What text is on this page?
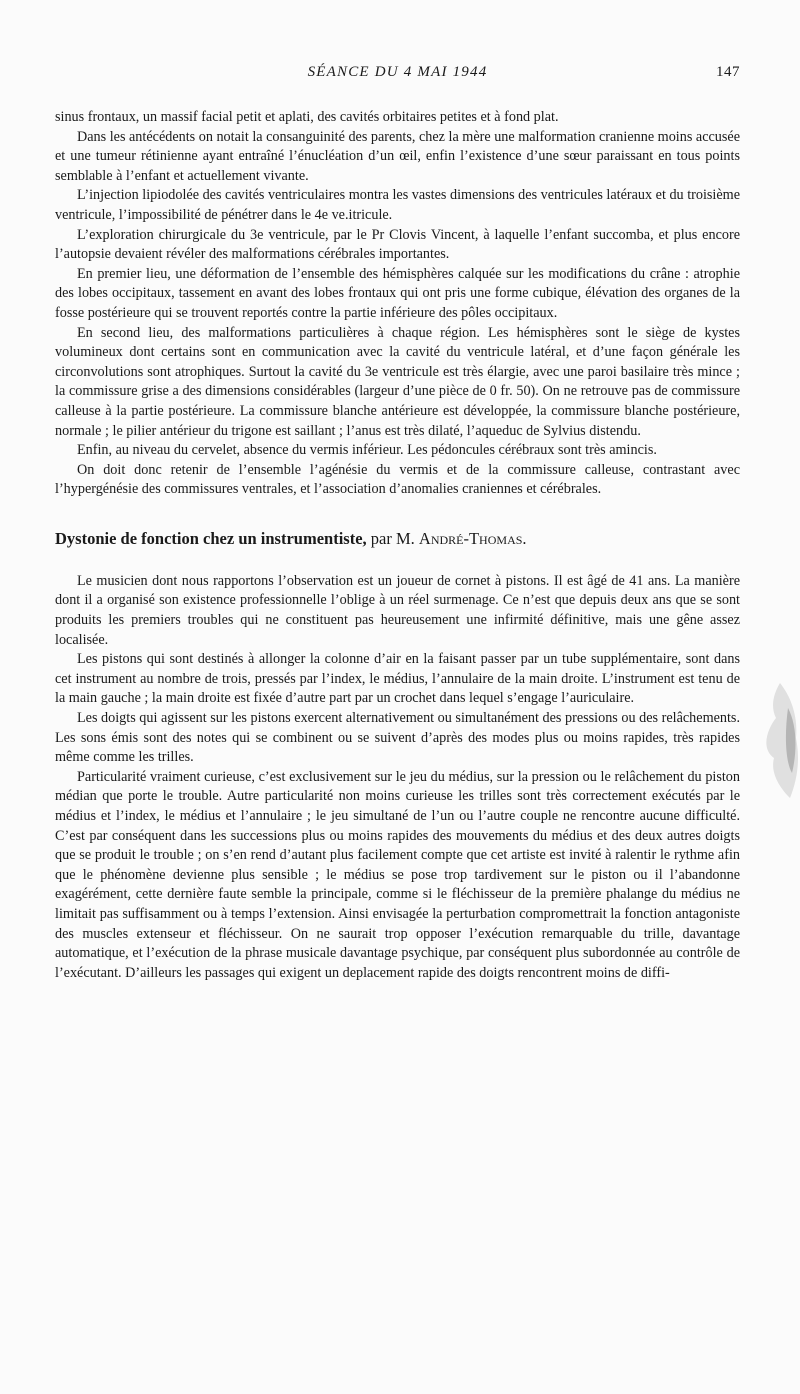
SÉANCE DU 4 MAI 1944	147

sinus frontaux, un massif facial petit et aplati, des cavités orbitaires petites et à fond plat.

Dans les antécédents on notait la consanguinité des parents, chez la mère une malformation cranienne moins accusée et une tumeur rétinienne ayant entraîné l’énucléation d’un œil, enfin l’existence d’une sœur paraissant en tous points semblable à l’enfant et actuellement vivante.

L’injection lipiodolée des cavités ventriculaires montra les vastes dimensions des ventricules latéraux et du troisième ventricule, l’impossibilité de pénétrer dans le 4e ve.itricule.

L’exploration chirurgicale du 3e ventricule, par le Pr Clovis Vincent, à laquelle l’enfant succomba, et plus encore l’autopsie devaient révéler des malformations cérébrales importantes.

En premier lieu, une déformation de l’ensemble des hémisphères calquée sur les modifications du crâne : atrophie des lobes occipitaux, tassement en avant des lobes frontaux qui ont pris une forme cubique, élévation des organes de la fosse postérieure qui se trouvent reportés contre la partie inférieure des pôles occipitaux.

En second lieu, des malformations particulières à chaque région. Les hémisphères sont le siège de kystes volumineux dont certains sont en communication avec la cavité du ventricule latéral, et d’une façon générale les circonvolutions sont atrophiques. Surtout la cavité du 3e ventricule est très élargie, avec une paroi basilaire très mince ; la commissure grise a des dimensions considérables (largeur d’une pièce de 0 fr. 50). On ne retrouve pas de commissure calleuse à la partie postérieure. La commissure blanche antérieure est développée, la commissure blanche postérieure, normale ; le pilier antérieur du trigone est saillant ; l’anus est très dilaté, l’aqueduc de Sylvius distendu.

Enfin, au niveau du cervelet, absence du vermis inférieur. Les pédoncules cérébraux sont très amincis.

On doit donc retenir de l’ensemble l’agénésie du vermis et de la commissure calleuse, contrastant avec l’hypergénésie des commissures ventrales, et l’association d’anomalies craniennes et cérébrales.

Dystonie de fonction chez un instrumentiste, par M. André-Thomas.

Le musicien dont nous rapportons l’observation est un joueur de cornet à pistons. Il est âgé de 41 ans. La manière dont il a organisé son existence professionnelle l’oblige à un réel surmenage. Ce n’est que depuis deux ans que se sont produits les premiers troubles qui ne constituent pas heureusement une infirmité définitive, mais une gêne assez localisée.

Les pistons qui sont destinés à allonger la colonne d’air en la faisant passer par un tube supplémentaire, sont dans cet instrument au nombre de trois, pressés par l’index, le médius, l’annulaire de la main droite. L’instrument est tenu de la main gauche ; la main droite est fixée d’autre part par un crochet dans lequel s’engage l’auriculaire.

Les doigts qui agissent sur les pistons exercent alternativement ou simultanément des pressions ou des relâchements. Les sons émis sont des notes qui se combinent ou se suivent d’après des modes plus ou moins rapides, très rapides même comme les trilles.

Particularité vraiment curieuse, c’est exclusivement sur le jeu du médius, sur la pression ou le relâchement du piston médian que porte le trouble. Autre particularité non moins curieuse les trilles sont très correctement exécutés par le médius et l’index, le médius et l’annulaire ; le jeu simultané de l’un ou l’autre couple ne rencontre aucune difficulté. C’est par conséquent dans les successions plus ou moins rapides des mouvements du médius et des deux autres doigts que se produit le trouble ; on s’en rend d’autant plus facilement compte que cet artiste est invité à ralentir le rythme afin que le phénomène devienne plus sensible ; le médius se pose trop tardivement sur le piston ou il l’abandonne exagérément, cette dernière faute semble la principale, comme si le fléchisseur de la première phalange du médius ne limitait pas suffisamment ou à temps l’extension. Ainsi envisagée la perturbation compromettrait la fonction antagoniste des muscles extenseur et fléchisseur. On ne saurait trop opposer l’exécution remarquable du trille, davantage automatique, et l’exécution de la phrase musicale davantage psychique, par conséquent plus subordonnée au contrôle de l’exécutant. D’ailleurs les passages qui exigent un deplacement rapide des doigts rencontrent moins de diffi-
